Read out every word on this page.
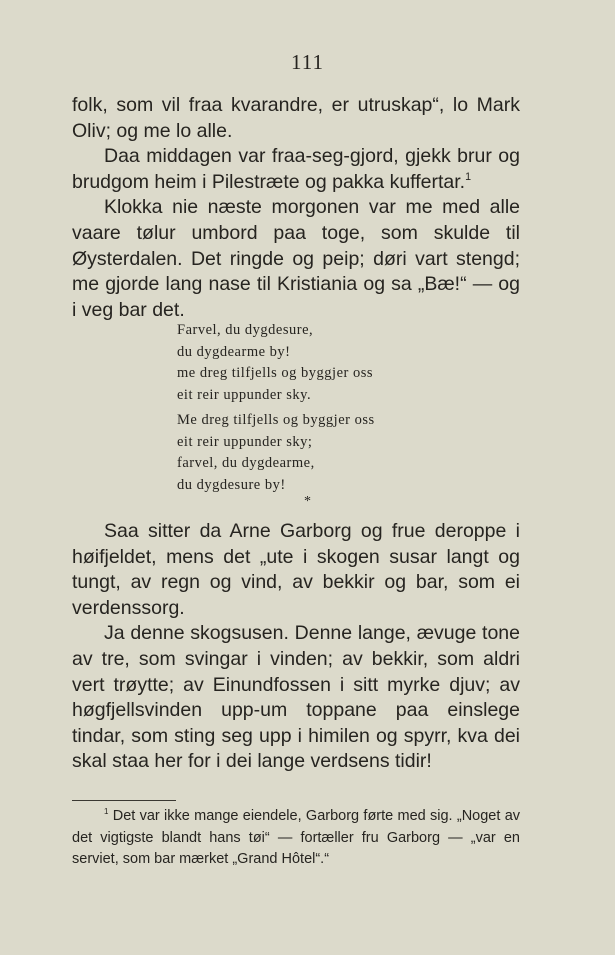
111

folk, som vil fraa kvarandre, er utruskap“, lo Mark Oliv; og me lo alle.

Daa middagen var fraa-seg-gjord, gjekk brur og brudgom heim i Pilestræte og pakka kuffertar.$^1$

Klokka nie næste morgonen var me med alle vaare tølur umbord paa toge, som skulde til Øysterdalen. Det ringde og peip; døri vart stengd; me gjorde lang nase til Kristiania og sa „Bæ!“ — og i veg bar det.

Farvel, du dygdesure,
du dygdearme by!
me dreg tilfjells og byggjer oss
eit reir uppunder sky.
Me dreg tilfjells og byggjer oss
eit reir uppunder sky;
farvel, du dygdearme,
du dygdesure by!
*

Saa sitter da Arne Garborg og frue deroppe i høifjeldet, mens det „ute i skogen susar langt og tungt, av regn og vind, av bekkir og bar, som ei verdenssorg.

Ja denne skogsusen. Denne lange, ævuge tone av tre, som svingar i vinden; av bekkir, som aldri vert trøytte; av Einundfossen i sitt myrke djuv; av høgfjellsvinden upp-um toppane paa einslege tindar, som sting seg upp i himilen og spyrr, kva dei skal staa her for i dei lange verdsens tidir!

$^1$ Det var ikke mange eiendele, Garborg førte med sig. „Noget av det vigtigste blandt hans tøi“ — fortæller fru Garborg — „var en serviet, som bar mærket „Grand Hôtel“.“
